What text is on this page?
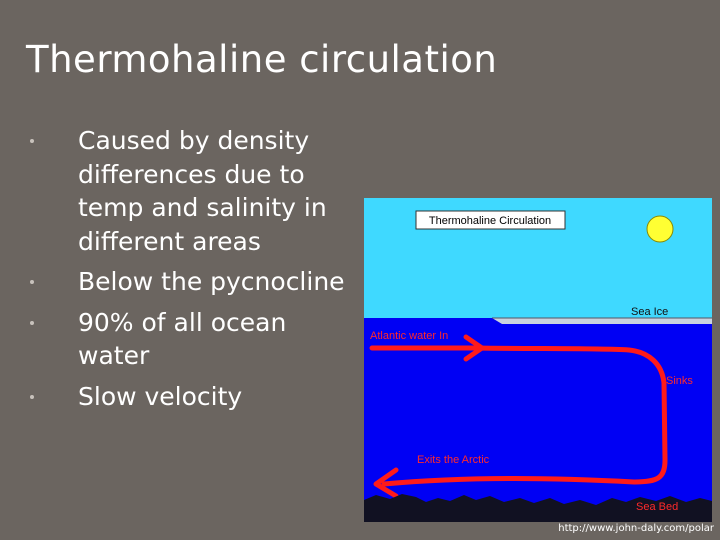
Thermohaline circulation
Caused by density differences due to temp and salinity in different areas
Below the pycnocline
90% of all ocean water
Slow velocity
Thermohaline Circulation
Sea Ice
Atlantic water In
Sinks
Exits the Arctic
Sea Bed
http://www.john-daly.com/polar
